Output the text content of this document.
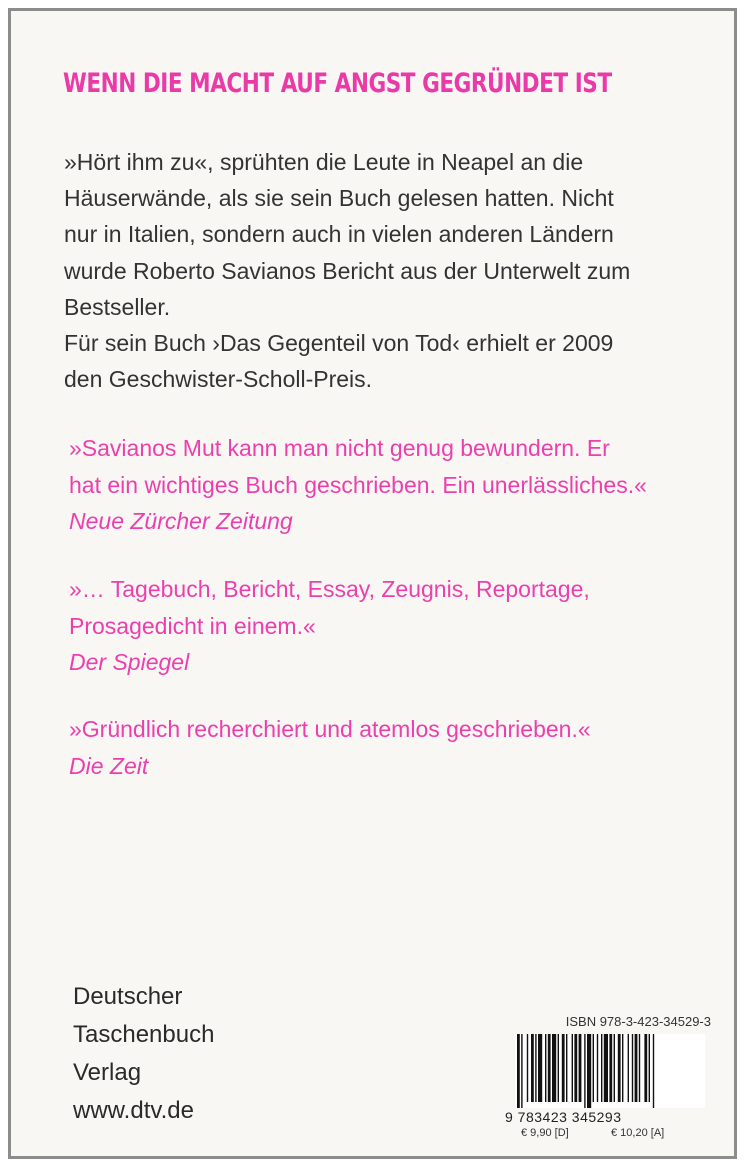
WENN DIE MACHT AUF ANGST GEGRÜNDET IST

»Hört ihm zu«, sprühten die Leute in Neapel an die
Häuserwände, als sie sein Buch gelesen hatten. Nicht
nur in Italien, sondern auch in vielen anderen Ländern
wurde Roberto Savianos Bericht aus der Unterwelt zum
Bestseller.
Für sein Buch ›Das Gegenteil von Tod‹ erhielt er 2009
den Geschwister-Scholl-Preis.

»Savianos Mut kann man nicht genug bewundern. Er
hat ein wichtiges Buch geschrieben. Ein unerlässliches.«
Neue Zürcher Zeitung
»… Tagebuch, Bericht, Essay, Zeugnis, Reportage,
Prosagedicht in einem.«
Der Spiegel
»Gründlich recherchiert und atemlos geschrieben.«
Die Zeit
Deutscher
Taschenbuch
Verlag
www.dtv.de
ISBN 978-3-423-34529-3
9 783423 345293
€ 9,90 [D]	€ 10,20 [A]
